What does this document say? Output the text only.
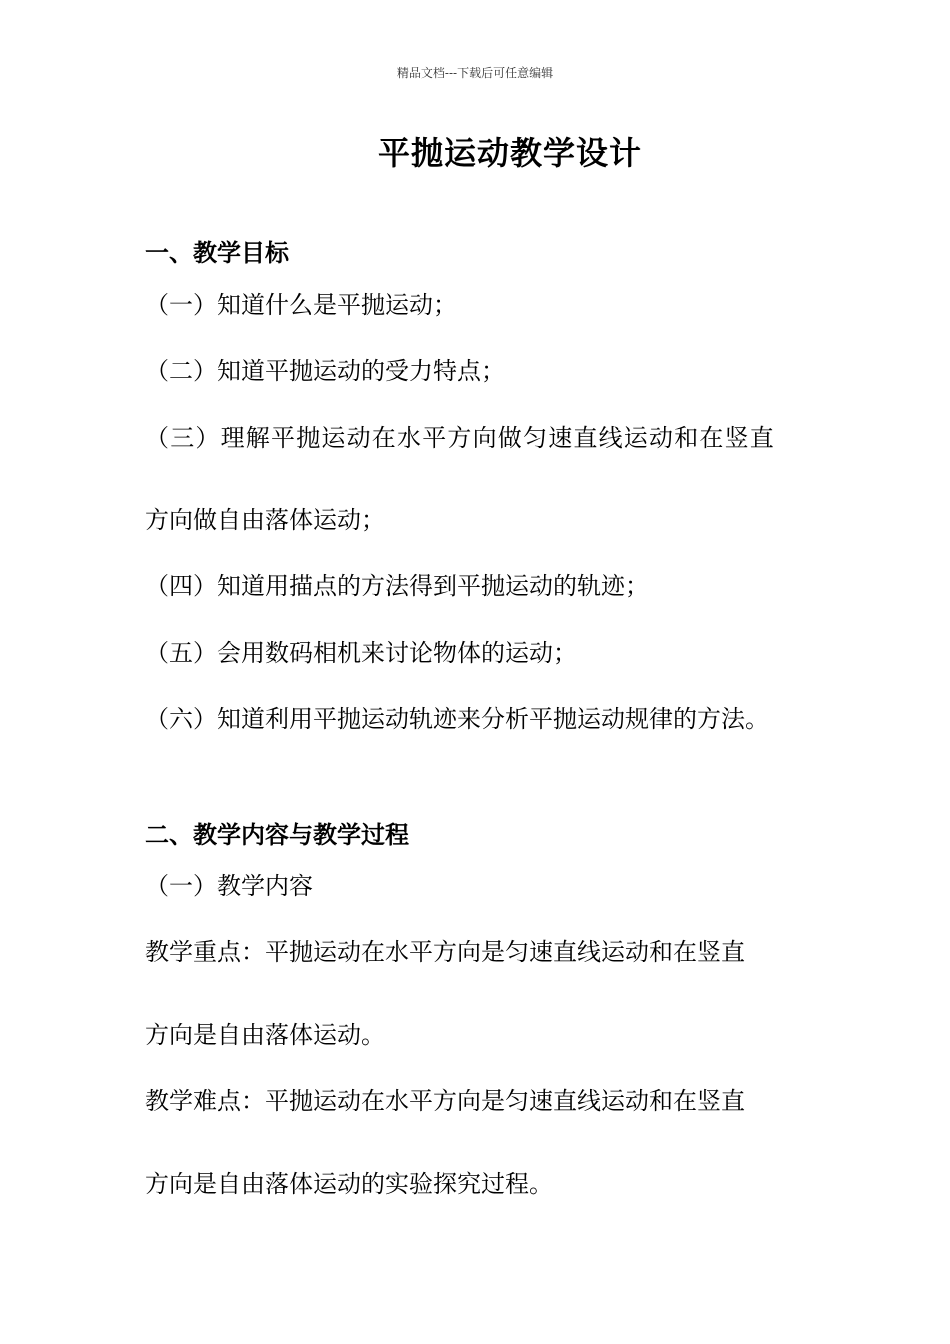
精品文档---下载后可任意编辑
平抛运动教学设计
一、教学目标
（一）知道什么是平抛运动；
（二）知道平抛运动的受力特点；
（三）理解平抛运动在水平方向做匀速直线运动和在竖直
方向做自由落体运动；
（四）知道用描点的方法得到平抛运动的轨迹；
（五）会用数码相机来讨论物体的运动；
（六）知道利用平抛运动轨迹来分析平抛运动规律的方法。
二、教学内容与教学过程
（一）教学内容
教学重点：平抛运动在水平方向是匀速直线运动和在竖直
方向是自由落体运动。
教学难点：平抛运动在水平方向是匀速直线运动和在竖直
方向是自由落体运动的实验探究过程。
